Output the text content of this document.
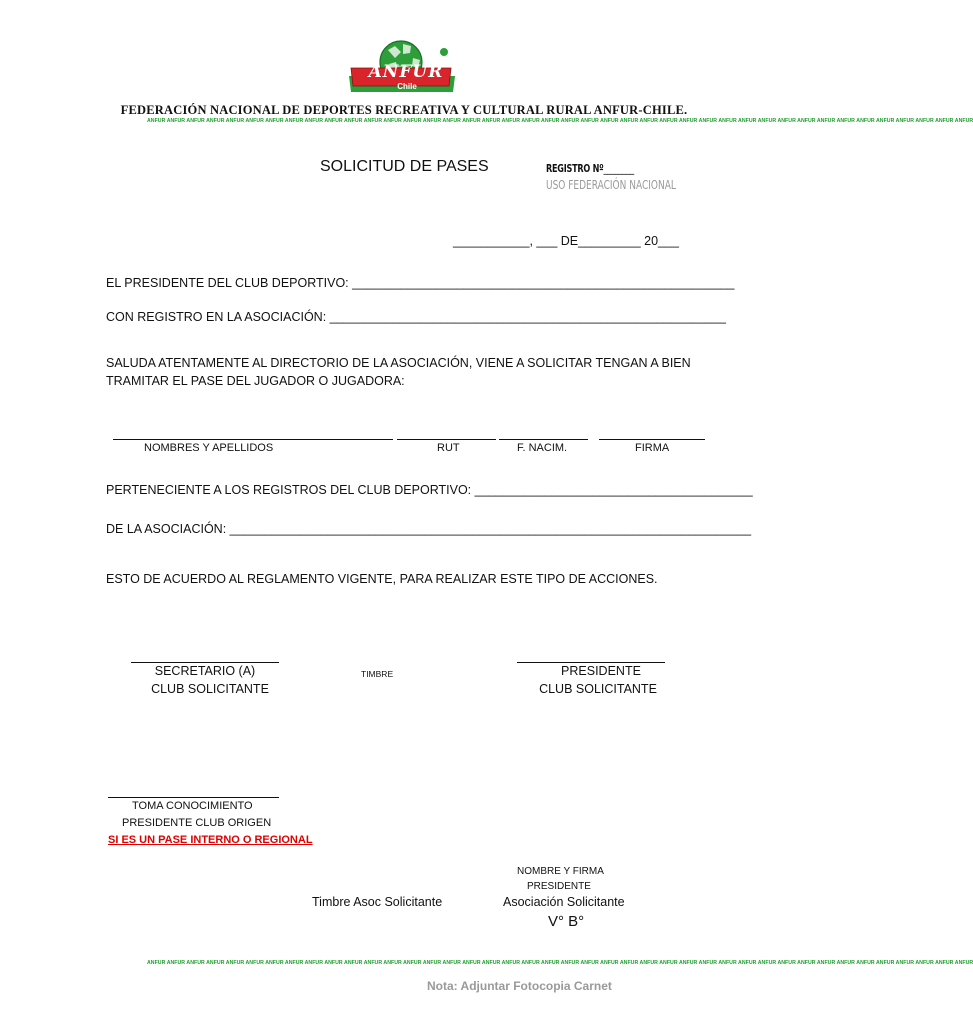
ANFUR
Chile
FEDERACIÓN NACIONAL DE DEPORTES RECREATIVA Y CULTURAL RURAL ANFUR-CHILE.
ANFUR ANFUR ANFUR ANFUR ANFUR ANFUR ANFUR ANFUR ANFUR ANFUR ANFUR ANFUR ANFUR ANFUR ANFUR ANFUR ANFUR ANFUR ANFUR ANFUR ANFUR ANFUR ANFUR ANFUR ANFUR ANFUR ANFUR ANFUR ANFUR ANFUR ANFUR ANFUR ANFUR ANFUR ANFUR ANFUR ANFUR ANFUR ANFUR ANFUR ANFUR ANFUR
SOLICITUD DE PASES	REGISTRO Nº________
USO FEDERACIÓN NACIONAL
___________, ___ DE_________ 20___
EL PRESIDENTE DEL CLUB DEPORTIVO: _______________________________________________________
CON REGISTRO EN LA ASOCIACIÓN: _________________________________________________________
SALUDA ATENTAMENTE AL DIRECTORIO DE LA ASOCIACIÓN, VIENE A SOLICITAR TENGAN A BIEN
TRAMITAR EL PASE DEL JUGADOR O JUGADORA:
NOMBRES Y APELLIDOS	RUT	F. NACIM.	FIRMA
PERTENECIENTE A LOS REGISTROS DEL CLUB DEPORTIVO: ________________________________________
DE LA ASOCIACIÓN: ___________________________________________________________________________
ESTO DE ACUERDO AL REGLAMENTO VIGENTE, PARA REALIZAR ESTE TIPO DE ACCIONES.
SECRETARIO (A)
CLUB SOLICITANTE
TIMBRE	PRESIDENTE
CLUB SOLICITANTE
TOMA CONOCIMIENTO
PRESIDENTE CLUB ORIGEN
SI ES UN PASE INTERNO O REGIONAL
NOMBRE Y FIRMA
PRESIDENTE
Timbre Asoc Solicitante	Asociación Solicitante
V° B°
ANFUR ANFUR ANFUR ANFUR ANFUR ANFUR ANFUR ANFUR ANFUR ANFUR ANFUR ANFUR ANFUR ANFUR ANFUR ANFUR ANFUR ANFUR ANFUR ANFUR ANFUR ANFUR ANFUR ANFUR ANFUR ANFUR ANFUR ANFUR ANFUR ANFUR ANFUR ANFUR ANFUR ANFUR ANFUR ANFUR ANFUR ANFUR ANFUR ANFUR ANFUR ANFUR
Nota: Adjuntar Fotocopia Carnet
